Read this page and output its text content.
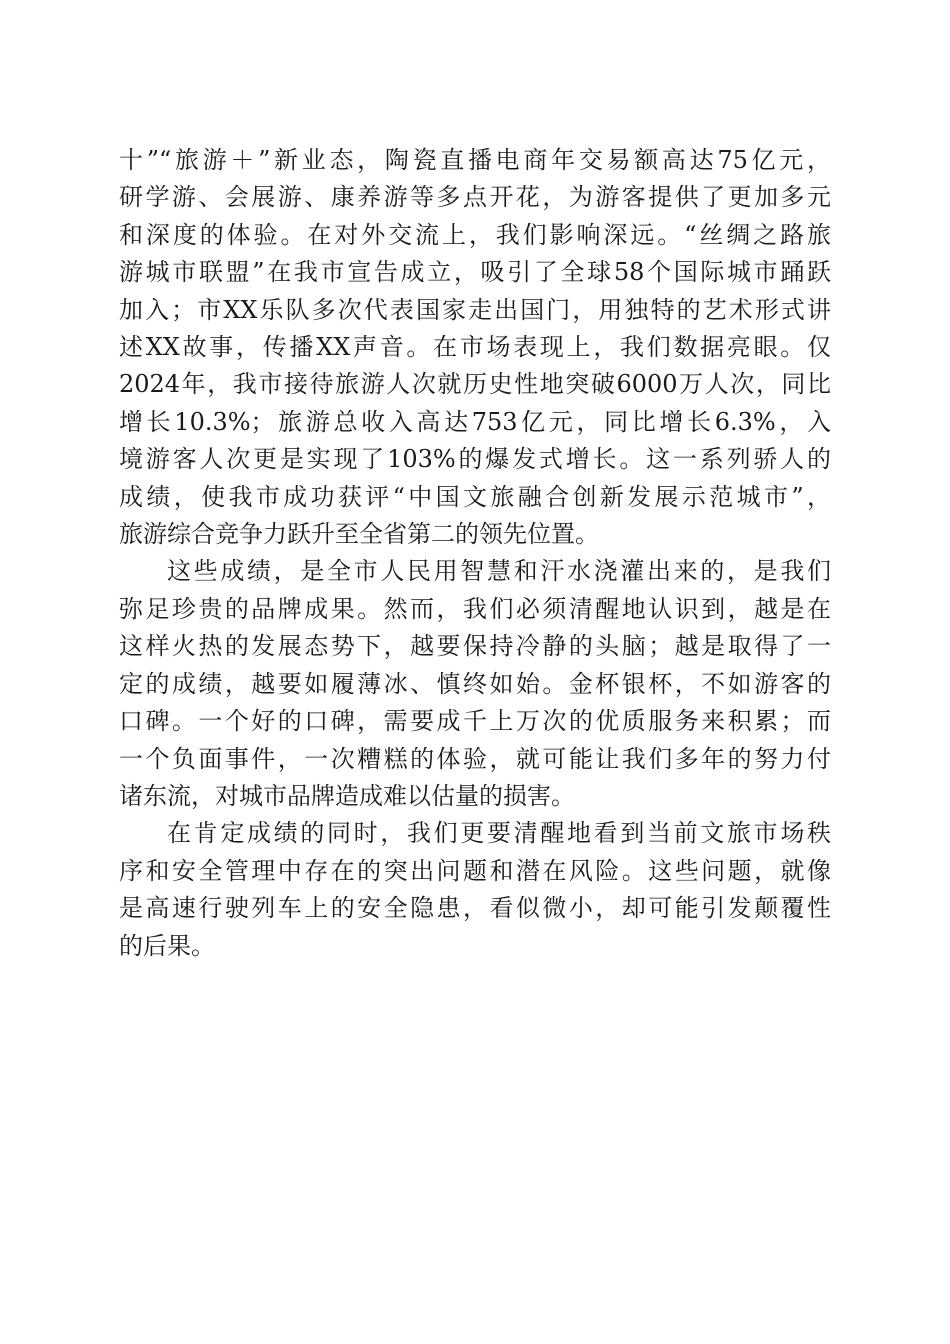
十”“旅游＋”新业态，陶瓷直播电商年交易额高达75亿元，
研学游、会展游、康养游等多点开花，为游客提供了更加多元
和深度的体验。在对外交流上，我们影响深远。“丝绸之路旅
游城市联盟”在我市宣告成立，吸引了全球58个国际城市踊跃
加入；市XX乐队多次代表国家走出国门，用独特的艺术形式讲
述XX故事，传播XX声音。在市场表现上，我们数据亮眼。仅
2024年，我市接待旅游人次就历史性地突破6000万人次，同比
增长10.3%；旅游总收入高达753亿元，同比增长6.3%，入
境游客人次更是实现了103%的爆发式增长。这一系列骄人的
成绩，使我市成功获评“中国文旅融合创新发展示范城市”，
旅游综合竞争力跃升至全省第二的领先位置。

这些成绩，是全市人民用智慧和汗水浇灌出来的，是我们
弥足珍贵的品牌成果。然而，我们必须清醒地认识到，越是在
这样火热的发展态势下，越要保持冷静的头脑；越是取得了一
定的成绩，越要如履薄冰、慎终如始。金杯银杯，不如游客的
口碑。一个好的口碑，需要成千上万次的优质服务来积累；而
一个负面事件，一次糟糕的体验，就可能让我们多年的努力付
诸东流，对城市品牌造成难以估量的损害。

在肯定成绩的同时，我们更要清醒地看到当前文旅市场秩
序和安全管理中存在的突出问题和潜在风险。这些问题，就像
是高速行驶列车上的安全隐患，看似微小，却可能引发颠覆性
的后果。
